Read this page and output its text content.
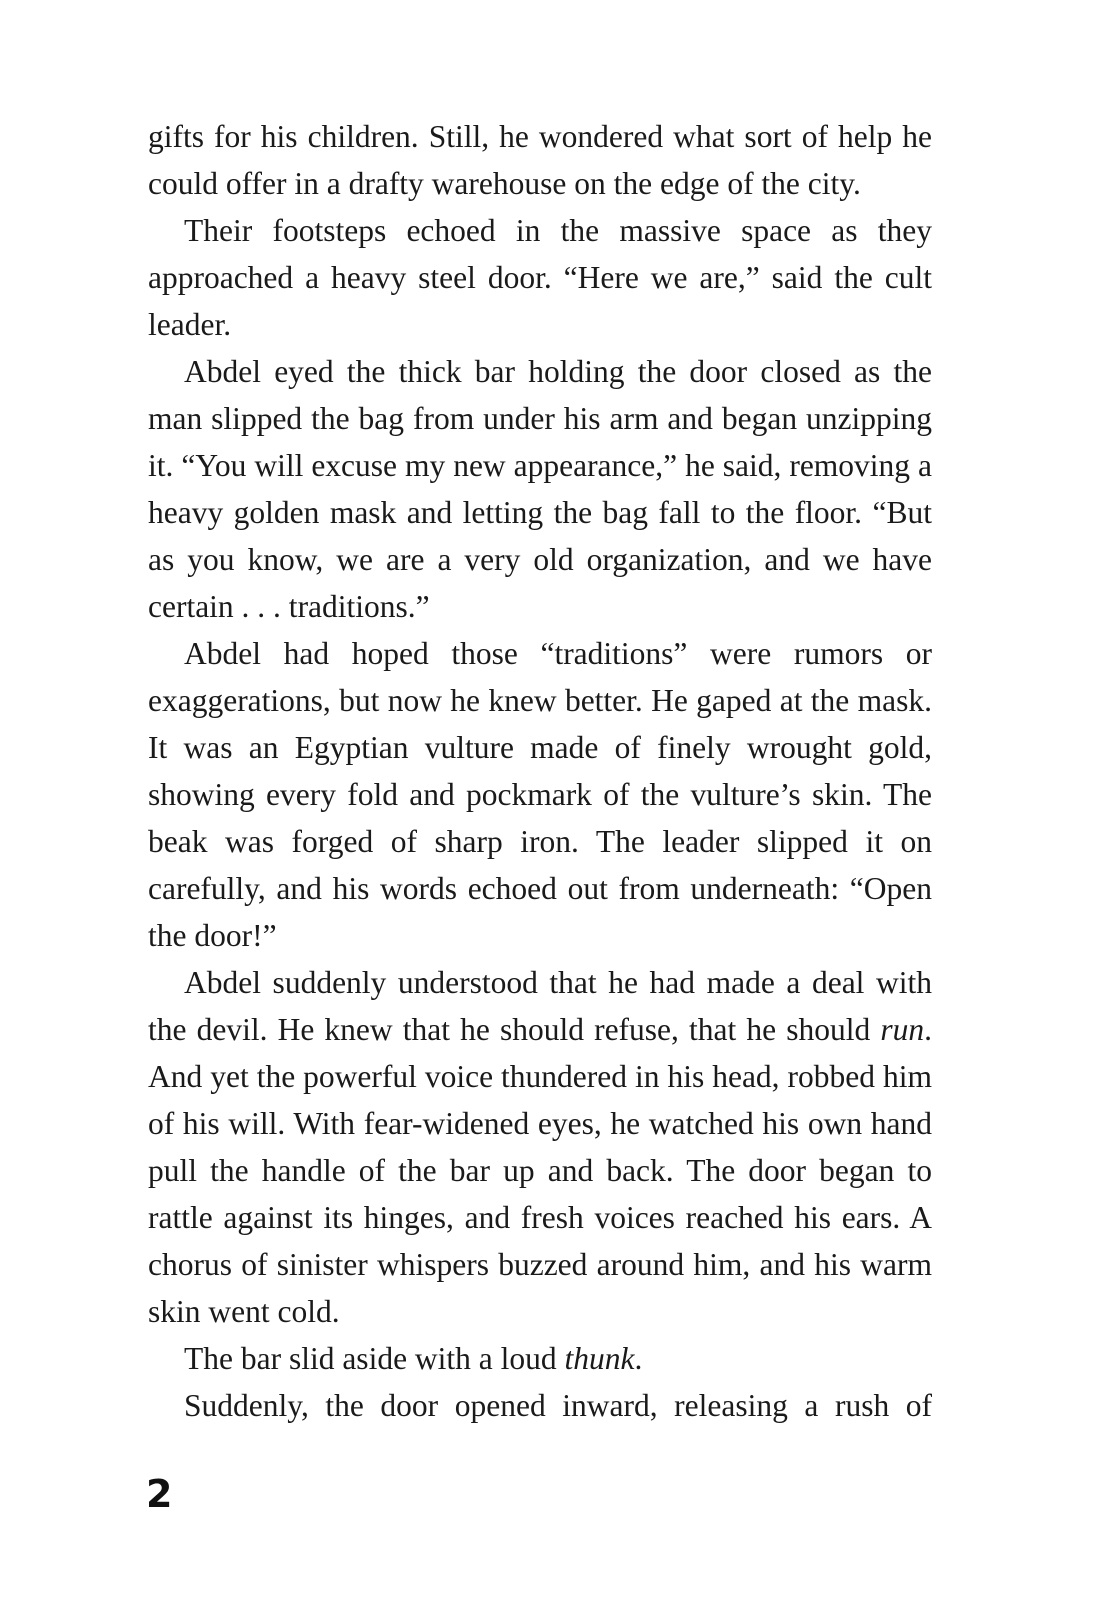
gifts for his children. Still, he wondered what sort of help he could offer in a drafty warehouse on the edge of the city.

Their footsteps echoed in the massive space as they approached a heavy steel door. “Here we are,” said the cult leader.

Abdel eyed the thick bar holding the door closed as the man slipped the bag from under his arm and began unzipping it. “You will excuse my new appearance,” he said, removing a heavy golden mask and letting the bag fall to the floor. “But as you know, we are a very old organization, and we have certain . . . traditions.”

Abdel had hoped those “traditions” were rumors or exaggerations, but now he knew better. He gaped at the mask. It was an Egyptian vulture made of finely wrought gold, showing every fold and pockmark of the vulture’s skin. The beak was forged of sharp iron. The leader slipped it on carefully, and his words echoed out from underneath: “Open the door!”

Abdel suddenly understood that he had made a deal with the devil. He knew that he should refuse, that he should run. And yet the powerful voice thundered in his head, robbed him of his will. With fear-widened eyes, he watched his own hand pull the handle of the bar up and back. The door began to rattle against its hinges, and fresh voices reached his ears. A chorus of sinister whispers buzzed around him, and his warm skin went cold.

The bar slid aside with a loud thunk.

Suddenly, the door opened inward, releasing a rush of

2
